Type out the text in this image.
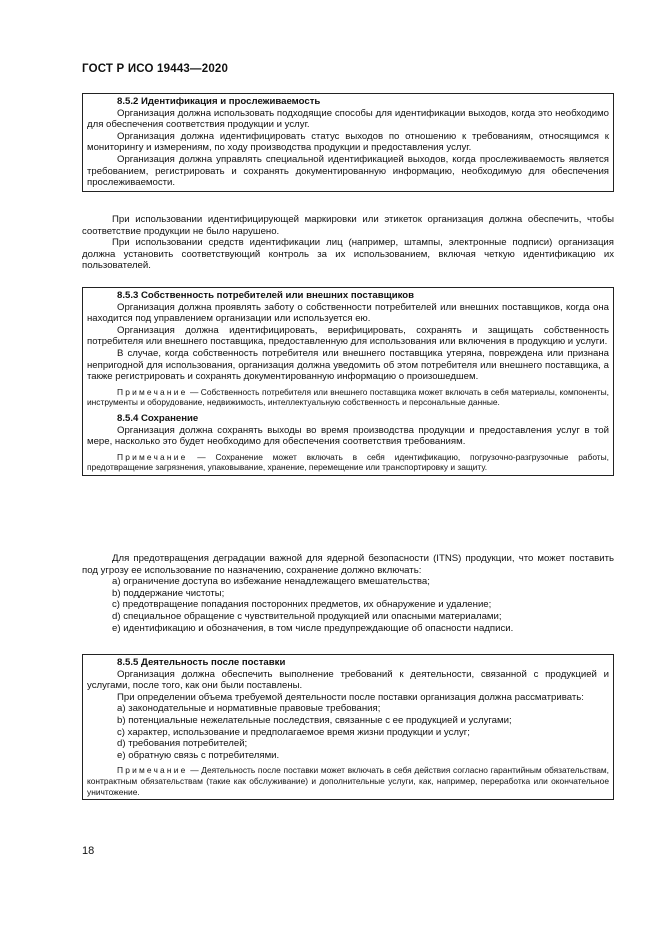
ГОСТ Р ИСО 19443—2020

8.5.2 Идентификация и прослеживаемость

Организация должна использовать подходящие способы для идентификации выходов, когда это необходимо для обеспечения соответствия продукции и услуг.

Организация должна идентифицировать статус выходов по отношению к требованиям, относящимся к мониторингу и измерениям, по ходу производства продукции и предоставления услуг.

Организация должна управлять специальной идентификацией выходов, когда прослеживаемость является требованием, регистрировать и сохранять документированную информацию, необходимую для обеспечения прослеживаемости.

При использовании идентифицирующей маркировки или этикеток организация должна обеспечить, чтобы соответствие продукции не было нарушено.

При использовании средств идентификации лиц (например, штампы, электронные подписи) организация должна установить соответствующий контроль за их использованием, включая четкую идентификацию их пользователей.

8.5.3 Собственность потребителей или внешних поставщиков

Организация должна проявлять заботу о собственности потребителей или внешних поставщиков, когда она находится под управлением организации или используется ею.

Организация должна идентифицировать, верифицировать, сохранять и защищать собственность потребителя или внешнего поставщика, предоставленную для использования или включения в продукцию и услуги.

В случае, когда собственность потребителя или внешнего поставщика утеряна, повреждена или признана непригодной для использования, организация должна уведомить об этом потребителя или внешнего поставщика, а также регистрировать и сохранять документированную информацию о произошедшем.

Примечание — Собственность потребителя или внешнего поставщика может включать в себя материалы, компоненты, инструменты и оборудование, недвижимость, интеллектуальную собственность и персональные данные.

8.5.4 Сохранение

Организация должна сохранять выходы во время производства продукции и предоставления услуг в той мере, насколько это будет необходимо для обеспечения соответствия требованиям.

Примечание — Сохранение может включать в себя идентификацию, погрузочно-разгрузочные работы, предотвращение загрязнения, упаковывание, хранение, перемещение или транспортировку и защиту.

Для предотвращения деградации важной для ядерной безопасности (ITNS) продукции, что может поставить под угрозу ее использование по назначению, сохранение должно включать:

a) ограничение доступа во избежание ненадлежащего вмешательства;

b) поддержание чистоты;

c) предотвращение попадания посторонних предметов, их обнаружение и удаление;

d) специальное обращение с чувствительной продукцией или опасными материалами;

e) идентификацию и обозначения, в том числе предупреждающие об опасности надписи.

8.5.5 Деятельность после поставки

Организация должна обеспечить выполнение требований к деятельности, связанной с продукцией и услугами, после того, как они были поставлены.

При определении объема требуемой деятельности после поставки организация должна рассматривать:

a) законодательные и нормативные правовые требования;

b) потенциальные нежелательные последствия, связанные с ее продукцией и услугами;

c) характер, использование и предполагаемое время жизни продукции и услуг;

d) требования потребителей;

e) обратную связь с потребителями.

Примечание — Деятельность после поставки может включать в себя действия согласно гарантийным обязательствам, контрактным обязательствам (такие как обслуживание) и дополнительные услуги, как, например, переработка или окончательное уничтожение.

18
